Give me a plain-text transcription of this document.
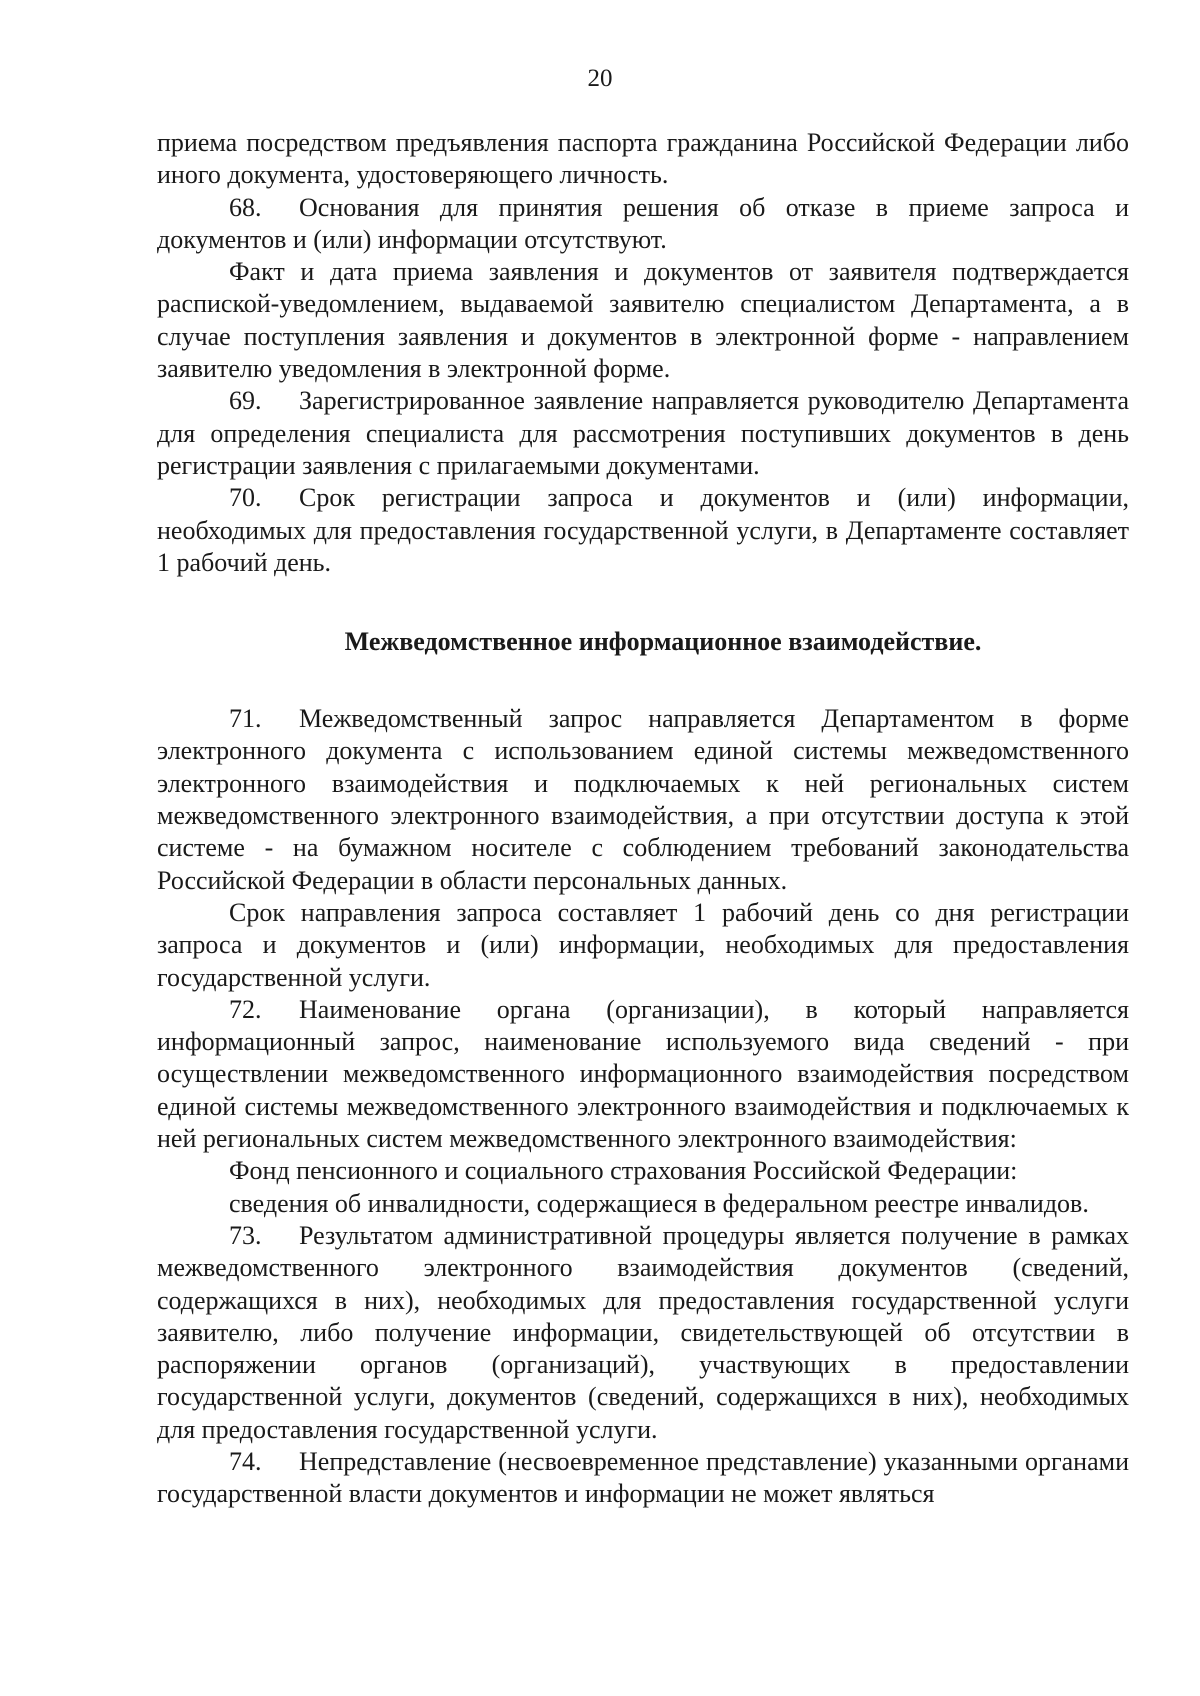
20

приема посредством предъявления паспорта гражданина Российской Федерации либо иного документа, удостоверяющего личность.

68. Основания для принятия решения об отказе в приеме запроса и документов и (или) информации отсутствуют.

Факт и дата приема заявления и документов от заявителя подтверждается распиской-уведомлением, выдаваемой заявителю специалистом Департамента, а в случае поступления заявления и документов в электронной форме - направлением заявителю уведомления в электронной форме.

69. Зарегистрированное заявление направляется руководителю Департамента для определения специалиста для рассмотрения поступивших документов в день регистрации заявления с прилагаемыми документами.

70. Срок регистрации запроса и документов и (или) информации, необходимых для предоставления государственной услуги, в Департаменте составляет 1 рабочий день.

Межведомственное информационное взаимодействие.

71. Межведомственный запрос направляется Департаментом в форме электронного документа с использованием единой системы межведомственного электронного взаимодействия и подключаемых к ней региональных систем межведомственного электронного взаимодействия, а при отсутствии доступа к этой системе - на бумажном носителе с соблюдением требований законодательства Российской Федерации в области персональных данных.

Срок направления запроса составляет 1 рабочий день со дня регистрации запроса и документов и (или) информации, необходимых для предоставления государственной услуги.

72. Наименование органа (организации), в который направляется информационный запрос, наименование используемого вида сведений - при осуществлении межведомственного информационного взаимодействия посредством единой системы межведомственного электронного взаимодействия и подключаемых к ней региональных систем межведомственного электронного взаимодействия:

Фонд пенсионного и социального страхования Российской Федерации:

сведения об инвалидности, содержащиеся в федеральном реестре инвалидов.

73. Результатом административной процедуры является получение в рамках межведомственного электронного взаимодействия документов (сведений, содержащихся в них), необходимых для предоставления государственной услуги заявителю, либо получение информации, свидетельствующей об отсутствии в распоряжении органов (организаций), участвующих в предоставлении государственной услуги, документов (сведений, содержащихся в них), необходимых для предоставления государственной услуги.

74. Непредставление (несвоевременное представление) указанными органами государственной власти документов и информации не может являться
